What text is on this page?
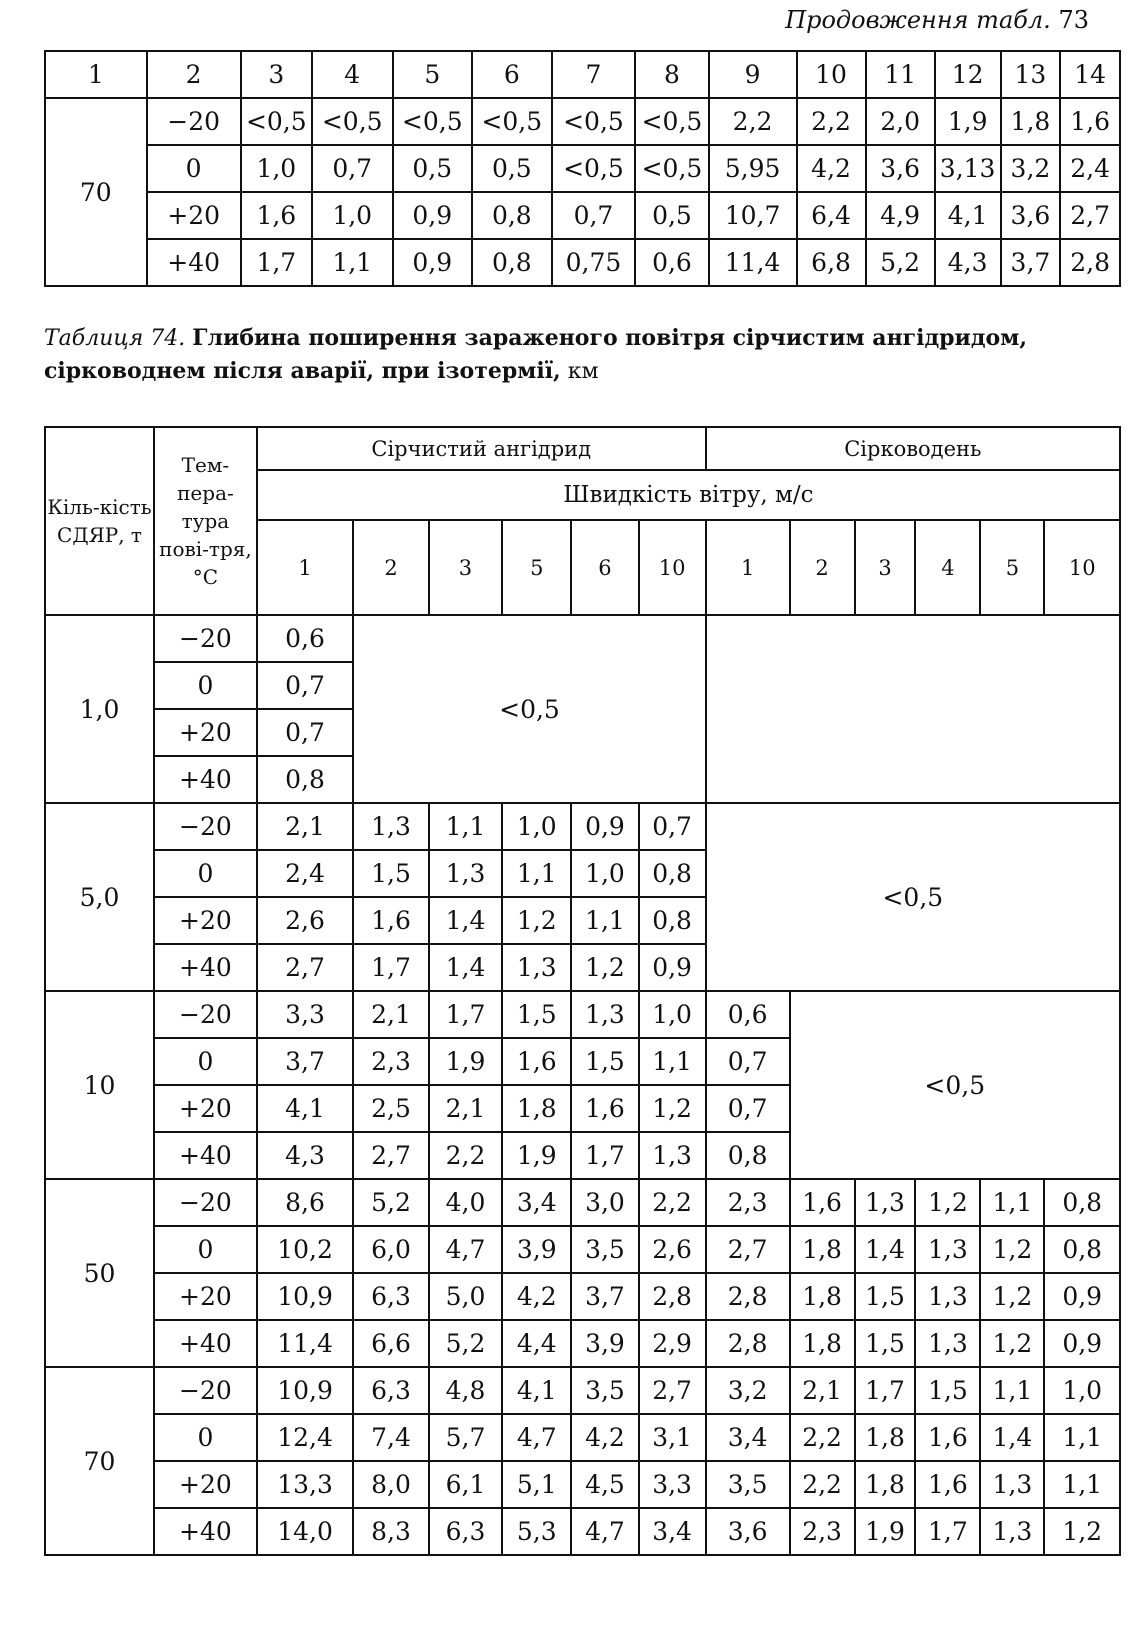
Продовження табл. 73
1	2	3	4	5	6	7	8	9	10	11	12	13	14
70	−20	<0,5	<0,5	<0,5	<0,5	<0,5	<0,5	2,2	2,2	2,0	1,9	1,8	1,6
	0	1,0	0,7	0,5	0,5	<0,5	<0,5	5,95	4,2	3,6	3,13	3,2	2,4
	+20	1,6	1,0	0,9	0,8	0,7	0,5	10,7	6,4	4,9	4,1	3,6	2,7
	+40	1,7	1,1	0,9	0,8	0,75	0,6	11,4	6,8	5,2	4,3	3,7	2,8
Таблиця 74. Глибина поширення зараженого повітря сірчистим ангідридом, сірководнем після аварії, при ізотермії, км
Кіль-кість СДЯР, т	Тем-пера-тура пові-тря, °С	Сірчистий ангідрид						Сірководень					
		Швидкість вітру, м/с											
		1	2	3	5	6	10	1	2	3	4	5	10
1,0	−20	0,6	<0,5										
	0	0,7											
	+20	0,7											
	+40	0,8											
5,0	−20	2,1	1,3	1,1	1,0	0,9	0,7	<0,5					
	0	2,4	1,5	1,3	1,1	1,0	0,8						
	+20	2,6	1,6	1,4	1,2	1,1	0,8						
	+40	2,7	1,7	1,4	1,3	1,2	0,9						
10	−20	3,3	2,1	1,7	1,5	1,3	1,0	0,6	<0,5				
	0	3,7	2,3	1,9	1,6	1,5	1,1	0,7					
	+20	4,1	2,5	2,1	1,8	1,6	1,2	0,7					
	+40	4,3	2,7	2,2	1,9	1,7	1,3	0,8					
50	−20	8,6	5,2	4,0	3,4	3,0	2,2	2,3	1,6	1,3	1,2	1,1	0,8
	0	10,2	6,0	4,7	3,9	3,5	2,6	2,7	1,8	1,4	1,3	1,2	0,8
	+20	10,9	6,3	5,0	4,2	3,7	2,8	2,8	1,8	1,5	1,3	1,2	0,9
	+40	11,4	6,6	5,2	4,4	3,9	2,9	2,8	1,8	1,5	1,3	1,2	0,9
70	−20	10,9	6,3	4,8	4,1	3,5	2,7	3,2	2,1	1,7	1,5	1,1	1,0
	0	12,4	7,4	5,7	4,7	4,2	3,1	3,4	2,2	1,8	1,6	1,4	1,1
	+20	13,3	8,0	6,1	5,1	4,5	3,3	3,5	2,2	1,8	1,6	1,3	1,1
	+40	14,0	8,3	6,3	5,3	4,7	3,4	3,6	2,3	1,9	1,7	1,3	1,2
